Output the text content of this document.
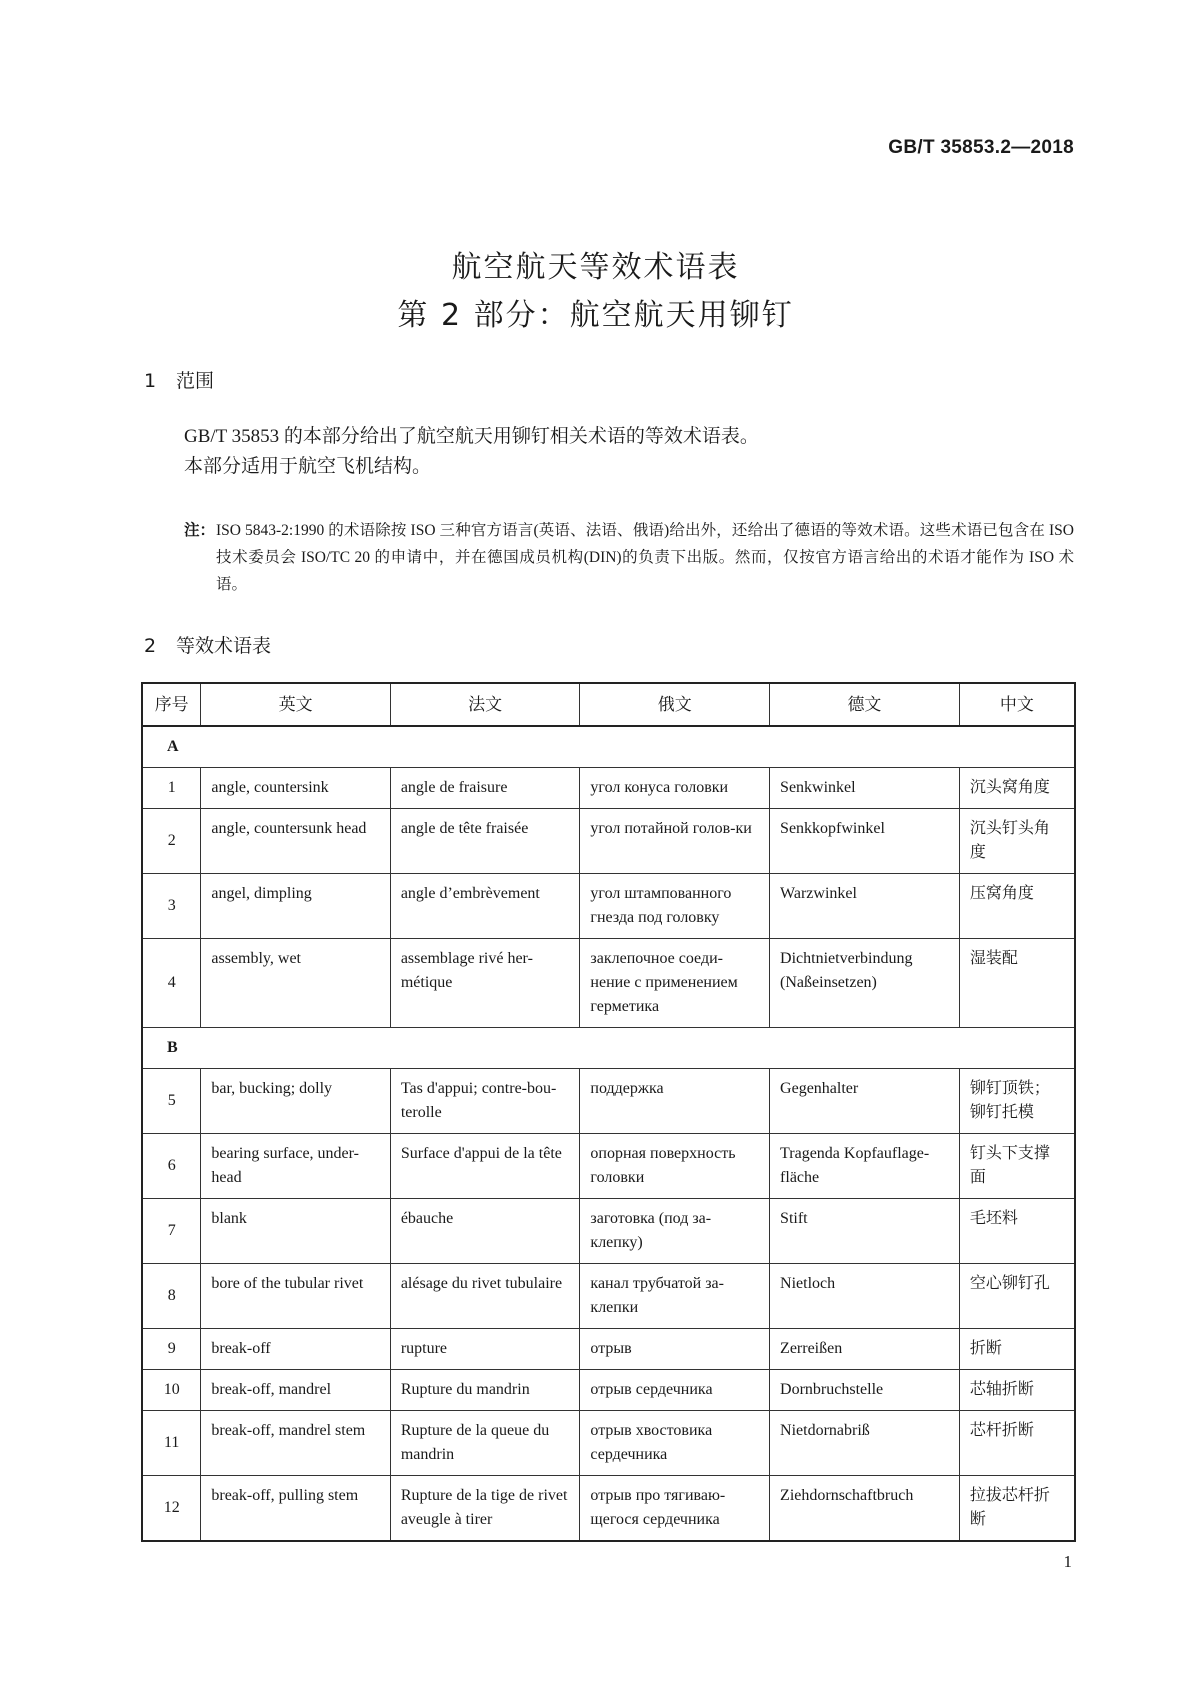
GB/T 35853.2—2018
航空航天等效术语表
第 2 部分：航空航天用铆钉
1 范围
GB/T 35853 的本部分给出了航空航天用铆钉相关术语的等效术语表。
本部分适用于航空飞机结构。
注： ISO 5843-2:1990 的术语除按 ISO 三种官方语言(英语、法语、俄语)给出外，还给出了德语的等效术语。这些术语已包含在 ISO 技术委员会 ISO/TC 20 的申请中，并在德国成员机构(DIN)的负责下出版。然而，仅按官方语言给出的术语才能作为 ISO 术语。
2 等效术语表
序号	英文	法文	俄文	德文	中文
A					
1	angle, countersink	angle de fraisure	угол конуса головки	Senkwinkel	沉头窝角度
2	angle, countersunk head	angle de tête fraisée	угол потайной голов-ки	Senkkopfwinkel	沉头钉头角度
3	angel, dimpling	angle d’embrèvement	угол штампованного гнезда под головку	Warzwinkel	压窝角度
4	assembly, wet	assemblage rivé her-métique	заклепочное соеди-нение с применением герметика	Dichtnietverbindung (Naßeinsetzen)	湿装配
B					
5	bar, bucking; dolly	Tas d'appui; contre-bou-terolle	поддержка	Gegenhalter	铆钉顶铁；铆钉托模
6	bearing surface, under-head	Surface d'appui de la tête	опорная поверхность головки	Tragenda Kopfauflage-fläche	钉头下支撑面
7	blank	ébauche	заготовка (под за-клепку)	Stift	毛坯料
8	bore of the tubular rivet	alésage du rivet tubulaire	канал трубчатой за-клепки	Nietloch	空心铆钉孔
9	break-off	rupture	отрыв	Zerreißen	折断
10	break-off, mandrel	Rupture du mandrin	отрыв сердечника	Dornbruchstelle	芯轴折断
11	break-off, mandrel stem	Rupture de la queue du mandrin	отрыв хвостовика сердечника	Nietdornabriß	芯杆折断
12	break-off, pulling stem	Rupture de la tige de rivet aveugle à tirer	отрыв про тягиваю-щегося сердечника	Ziehdornschaftbruch	拉拔芯杆折断
1
